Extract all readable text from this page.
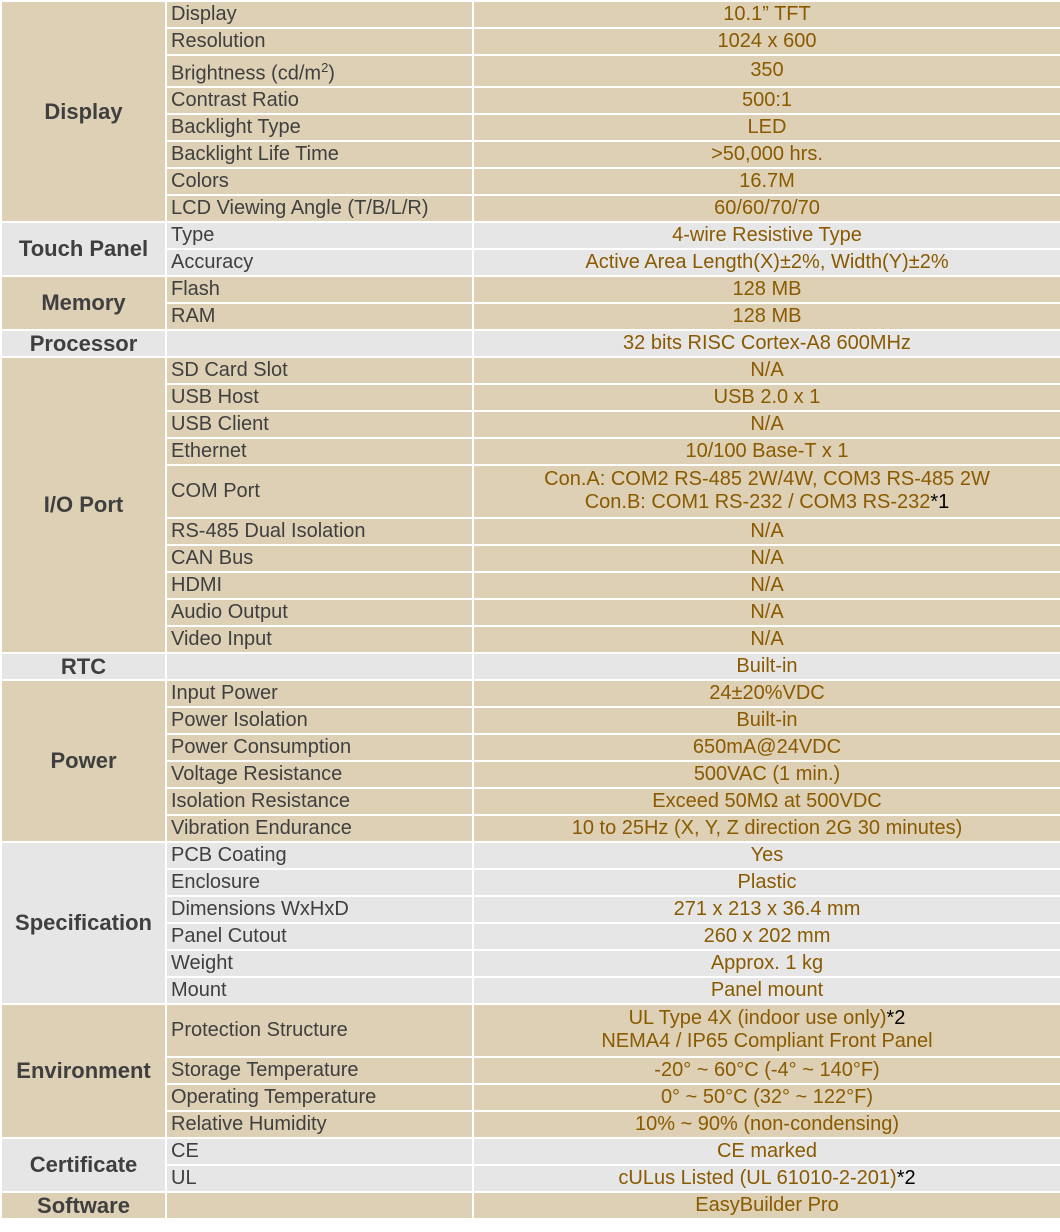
Display	Display	10.1” TFT
	Resolution	1024 x 600
	Brightness $(cd/m^2)$	350
	Contrast Ratio	500:1
	Backlight Type	LED
	Backlight Life Time	>50,000 hrs.
	Colors	16.7M
	LCD Viewing Angle (T/B/L/R)	60/60/70/70
Touch Panel	Type	4-wire Resistive Type
	Accuracy	Active Area Length(X)±2%, Width(Y)±2%
Memory	Flash	128 MB
	RAM	128 MB
Processor		32 bits RISC Cortex-A8 600MHz
I/O Port	SD Card Slot	N/A
	USB Host	USB 2.0 x 1
	USB Client	N/A
	Ethernet	10/100 Base-T x 1
	COM Port	Con.A: COM2 RS-485 2W/4W, COM3 RS-485 2W
Con.B: COM1 RS-232 / COM3 RS-232*1

	RS-485 Dual Isolation	N/A
	CAN Bus	N/A
	HDMI	N/A
	Audio Output	N/A
	Video Input	N/A
RTC		Built-in
Power	Input Power	24±20%VDC
	Power Isolation	Built-in
	Power Consumption	650mA@24VDC
	Voltage Resistance	500VAC (1 min.)
	Isolation Resistance	Exceed 50MΩ at 500VDC
	Vibration Endurance	10 to 25Hz (X, Y, Z direction 2G 30 minutes)
Specification	PCB Coating	Yes
	Enclosure	Plastic
	Dimensions WxHxD	271 x 213 x 36.4 mm
	Panel Cutout	260 x 202 mm
	Weight	Approx. 1 kg
	Mount	Panel mount
Environment	Protection Structure	UL Type 4X (indoor use only)*2
NEMA4 / IP65 Compliant Front Panel

	Storage Temperature	-20° ~ 60°C (-4° ~ 140°F)
	Operating Temperature	0° ~ 50°C (32° ~ 122°F)
	Relative Humidity	10% ~ 90% (non-condensing)
Certificate	CE	CE marked
	UL	cULus Listed (UL 61010-2-201)*2
Software		EasyBuilder Pro
